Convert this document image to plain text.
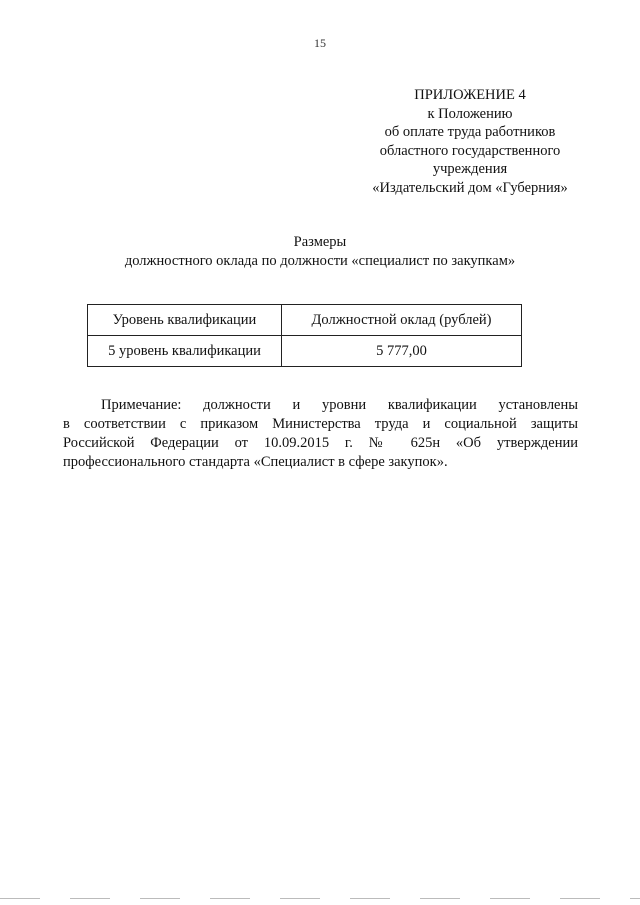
15
ПРИЛОЖЕНИЕ 4
к Положению
об оплате труда работников
областного государственного
учреждения
«Издательский дом «Губерния»
Размеры
должностного оклада по должности «специалист по закупкам»
Уровень квалификации	Должностной оклад (рублей)
5 уровень квалификации	5 777,00
Примечание: должности и уровни квалификации установлены
в соответствии с приказом Министерства труда и социальной защиты
Российской Федерации от 10.09.2015 г. № 625н «Об утверждении
профессионального стандарта «Специалист в сфере закупок».
